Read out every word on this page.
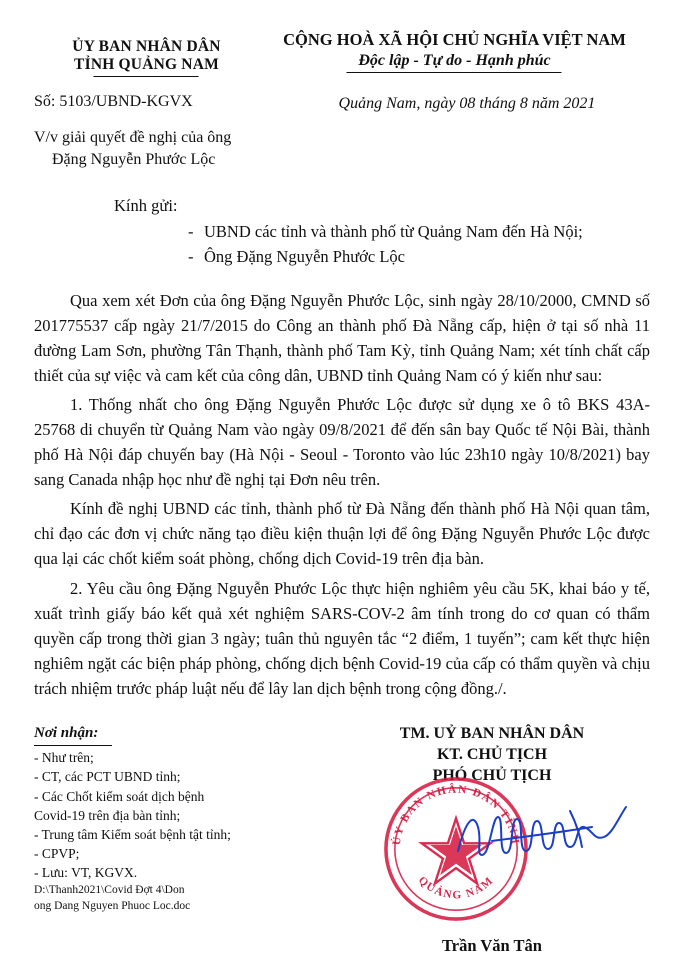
ỦY BAN NHÂN DÂN
TỈNH QUẢNG NAM
CỘNG HOÀ XÃ HỘI CHỦ NGHĨA VIỆT NAM
Độc lập - Tự do - Hạnh phúc
Số: 5103/UBND-KGVX	Quảng Nam, ngày 08 tháng 8 năm 2021
V/v giải quyết đề nghị của ông
Đặng Nguyễn Phước Lộc
Kính gửi:
- UBND các tỉnh và thành phố từ Quảng Nam đến Hà Nội;
- Ông Đặng Nguyễn Phước Lộc

Qua xem xét Đơn của ông Đặng Nguyễn Phước Lộc, sinh ngày 28/10/2000, CMND số 201775537 cấp ngày 21/7/2015 do Công an thành phố Đà Nẵng cấp, hiện ở tại số nhà 11 đường Lam Sơn, phường Tân Thạnh, thành phố Tam Kỳ, tỉnh Quảng Nam; xét tính chất cấp thiết của sự việc và cam kết của công dân, UBND tỉnh Quảng Nam có ý kiến như sau:

1. Thống nhất cho ông Đặng Nguyễn Phước Lộc được sử dụng xe ô tô BKS 43A- 25768 di chuyển từ Quảng Nam vào ngày 09/8/2021 để đến sân bay Quốc tế Nội Bài, thành phố Hà Nội đáp chuyến bay (Hà Nội - Seoul - Toronto vào lúc 23h10 ngày 10/8/2021) bay sang Canada nhập học như đề nghị tại Đơn nêu trên.

Kính đề nghị UBND các tỉnh, thành phố từ Đà Nẵng đến thành phố Hà Nội quan tâm, chỉ đạo các đơn vị chức năng tạo điều kiện thuận lợi để ông Đặng Nguyễn Phước Lộc được qua lại các chốt kiểm soát phòng, chống dịch Covid-19 trên địa bàn.

2. Yêu cầu ông Đặng Nguyễn Phước Lộc thực hiện nghiêm yêu cầu 5K, khai báo y tế, xuất trình giấy báo kết quả xét nghiệm SARS-COV-2 âm tính trong do cơ quan có thẩm quyền cấp trong thời gian 3 ngày; tuân thủ nguyên tắc “2 điểm, 1 tuyến”; cam kết thực hiện nghiêm ngặt các biện pháp phòng, chống dịch bệnh Covid-19 của cấp có thẩm quyền và chịu trách nhiệm trước pháp luật nếu để lây lan dịch bệnh trong cộng đồng./.

Nơi nhận:
- Như trên;
- CT, các PCT UBND tỉnh;
- Các Chốt kiểm soát dịch bệnh
Covid-19 trên địa bàn tỉnh;
- Trung tâm Kiểm soát bệnh tật tỉnh;
- CPVP;
- Lưu: VT, KGVX.
D:\Thanh2021\Covid Đợt 4\Don
ong Dang Nguyen Phuoc Loc.doc
TM. UỶ BAN NHÂN DÂN
KT. CHỦ TỊCH
PHÓ CHỦ TỊCH
ỦY BAN NHÂN DÂN TỈNH
QUẢNG NAM
Trần Văn Tân
